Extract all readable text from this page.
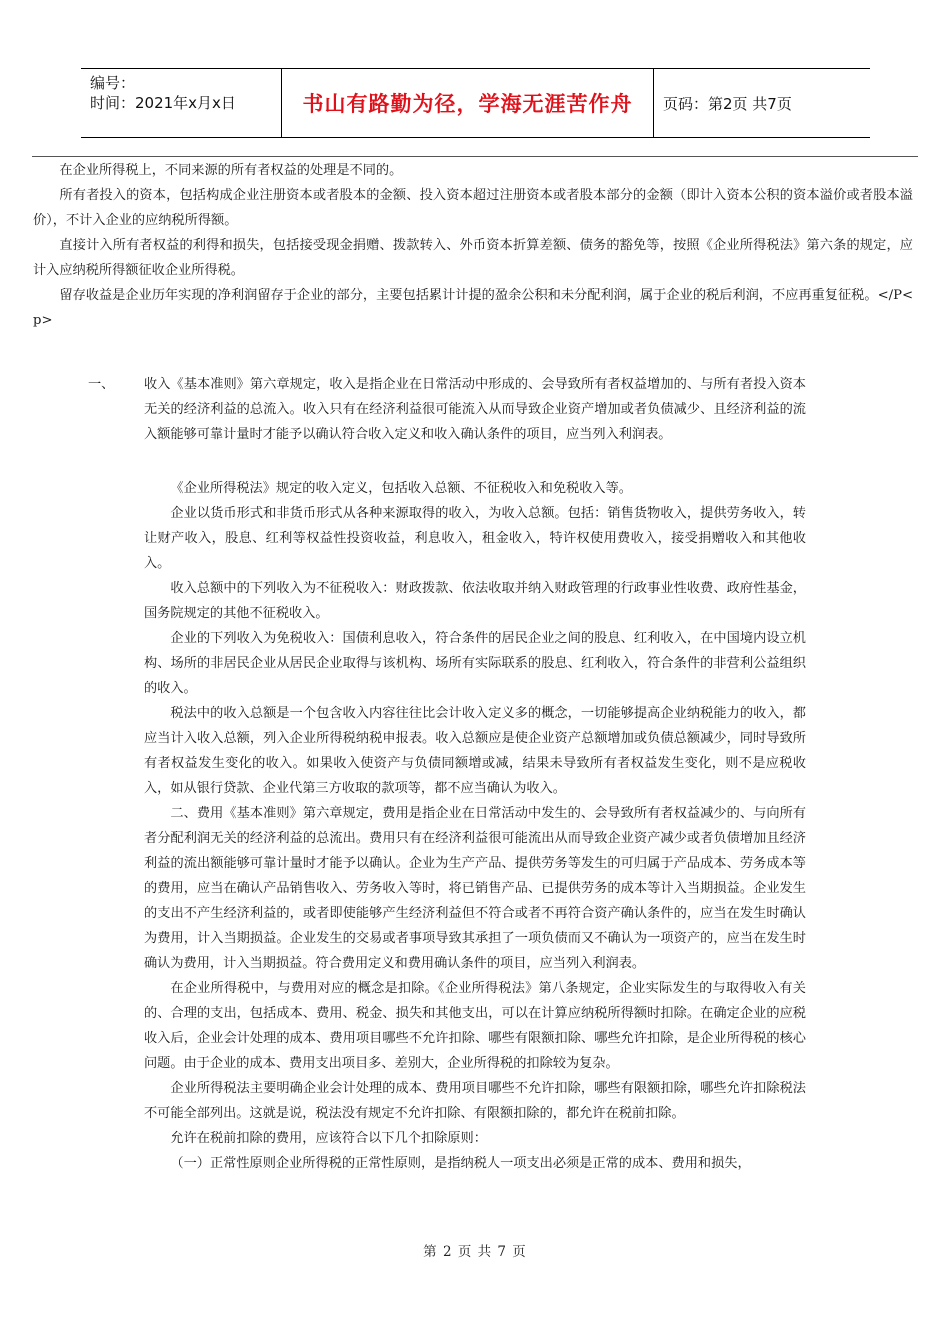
编号：
时间：2021年x月x日	书山有路勤为径，学海无涯苦作舟	页码：第2页 共7页

在企业所得税上，不同来源的所有者权益的处理是不同的。

所有者投入的资本，包括构成企业注册资本或者股本的金额、投入资本超过注册资本或者股本部分的金额（即计入资本公积的资本溢价或者股本溢价），不计入企业的应纳税所得额。

直接计入所有者权益的利得和损失，包括接受现金捐赠、拨款转入、外币资本折算差额、债务的豁免等，按照《企业所得税法》第六条的规定，应计入应纳税所得额征收企业所得税。

留存收益是企业历年实现的净利润留存于企业的部分，主要包括累计计提的盈余公积和未分配利润，属于企业的税后利润，不应再重复征税。</P< p>

一、 收入《基本准则》第六章规定，收入是指企业在日常活动中形成的、会导致所有者权益增加的、与所有者投入资本无关的经济利益的总流入。收入只有在经济利益很可能流入从而导致企业资产增加或者负债减少、且经济利益的流入额能够可靠计量时才能予以确认符合收入定义和收入确认条件的项目，应当列入利润表。

《企业所得税法》规定的收入定义，包括收入总额、不征税收入和免税收入等。

企业以货币形式和非货币形式从各种来源取得的收入，为收入总额。包括：销售货物收入，提供劳务收入，转让财产收入，股息、红利等权益性投资收益，利息收入，租金收入，特许权使用费收入，接受捐赠收入和其他收入。

收入总额中的下列收入为不征税收入：财政拨款、依法收取并纳入财政管理的行政事业性收费、政府性基金，国务院规定的其他不征税收入。

企业的下列收入为免税收入：国债利息收入，符合条件的居民企业之间的股息、红利收入，在中国境内设立机构、场所的非居民企业从居民企业取得与该机构、场所有实际联系的股息、红利收入，符合条件的非营利公益组织的收入。

税法中的收入总额是一个包含收入内容往往比会计收入定义多的概念，一切能够提高企业纳税能力的收入，都应当计入收入总额，列入企业所得税纳税申报表。收入总额应是使企业资产总额增加或负债总额减少，同时导致所有者权益发生变化的收入。如果收入使资产与负债同额增或减，结果未导致所有者权益发生变化，则不是应税收入，如从银行贷款、企业代第三方收取的款项等，都不应当确认为收入。

二、费用《基本准则》第六章规定，费用是指企业在日常活动中发生的、会导致所有者权益减少的、与向所有者分配利润无关的经济利益的总流出。费用只有在经济利益很可能流出从而导致企业资产减少或者负债增加且经济利益的流出额能够可靠计量时才能予以确认。企业为生产产品、提供劳务等发生的可归属于产品成本、劳务成本等的费用，应当在确认产品销售收入、劳务收入等时，将已销售产品、已提供劳务的成本等计入当期损益。企业发生的支出不产生经济利益的，或者即使能够产生经济利益但不符合或者不再符合资产确认条件的，应当在发生时确认为费用，计入当期损益。企业发生的交易或者事项导致其承担了一项负债而又不确认为一项资产的，应当在发生时确认为费用，计入当期损益。符合费用定义和费用确认条件的项目，应当列入利润表。

在企业所得税中，与费用对应的概念是扣除。《企业所得税法》第八条规定，企业实际发生的与取得收入有关的、合理的支出，包括成本、费用、税金、损失和其他支出，可以在计算应纳税所得额时扣除。在确定企业的应税收入后，企业会计处理的成本、费用项目哪些不允许扣除、哪些有限额扣除、哪些允许扣除，是企业所得税的核心问题。由于企业的成本、费用支出项目多、差别大，企业所得税的扣除较为复杂。

企业所得税法主要明确企业会计处理的成本、费用项目哪些不允许扣除，哪些有限额扣除，哪些允许扣除税法不可能全部列出。这就是说，税法没有规定不允许扣除、有限额扣除的，都允许在税前扣除。

允许在税前扣除的费用，应该符合以下几个扣除原则：

（一）正常性原则企业所得税的正常性原则，是指纳税人一项支出必须是正常的成本、费用和损失，

第 2 页 共 7 页
